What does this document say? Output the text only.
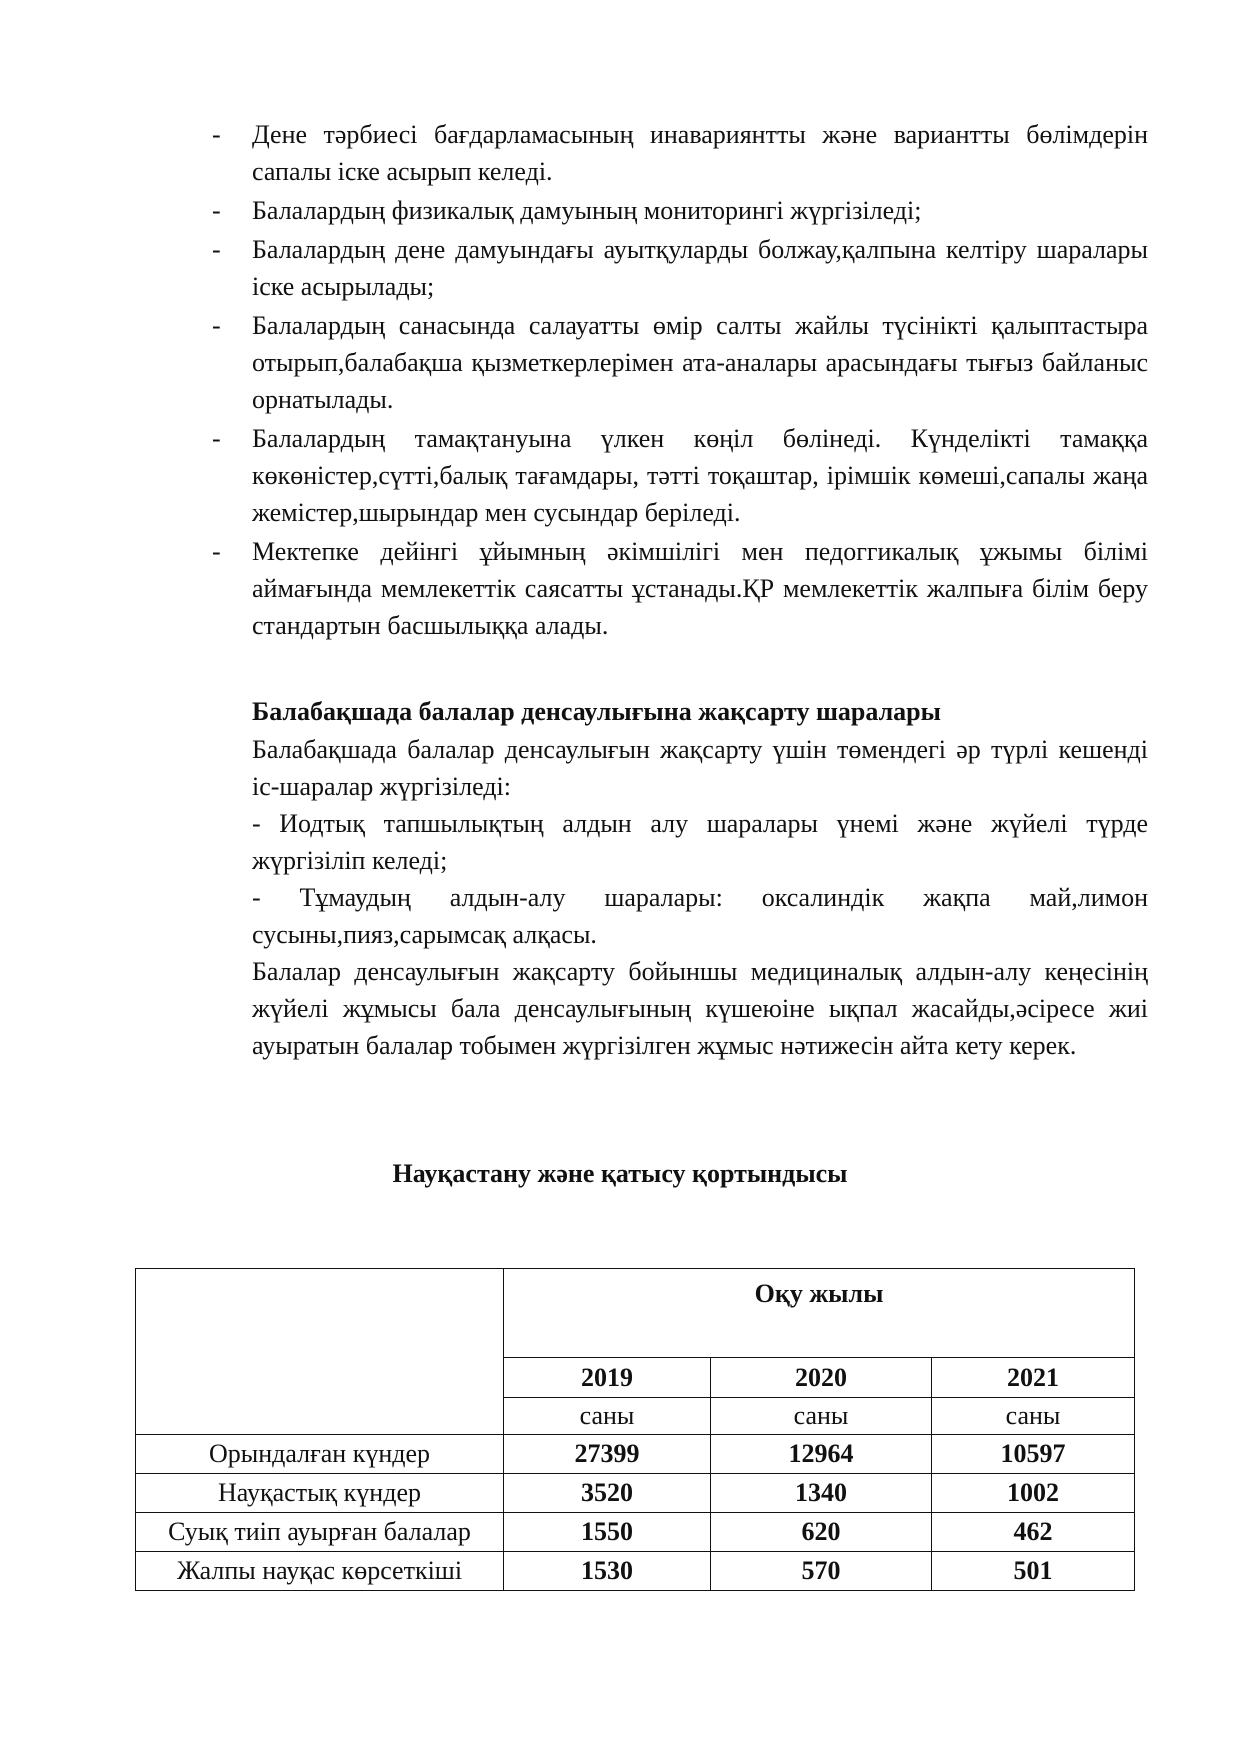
- Дене тәрбиесі бағдарламасының инавариянтты және вариантты бөлімдерін сапалы іске асырып келеді.
- Балалардың физикалық дамуының мониторингі жүргізіледі;
- Балалардың дене дамуындағы ауытқуларды болжау,қалпына келтіру шаралары іске асырылады;
- Балалардың санасында салауатты өмір салты жайлы түсінікті қалыптастыра отырып,балабақша қызметкерлерімен ата-аналары арасындағы тығыз байланыс орнатылады.
- Балалардың тамақтануына үлкен көңіл бөлінеді. Күнделікті тамаққа көкөністер,сүтті,балық тағамдары, тәтті тоқаштар, ірімшік көмеші,сапалы жаңа жемістер,шырындар мен сусындар беріледі.
- Мектепке дейінгі ұйымның әкімшілігі мен педоггикалық ұжымы білімі аймағында мемлекеттік саясатты ұстанады.ҚР мемлекеттік жалпыға білім беру стандартын басшылыққа алады.
Балабақшада балалар денсаулығына жақсарту шаралары

Балабақшада балалар денсаулығын жақсарту үшін төмендегі әр түрлі кешенді іс-шаралар жүргізіледі:

- Иодтық тапшылықтың алдын алу шаралары үнемі және жүйелі түрде жүргізіліп келеді;

- Тұмаудың алдын-алу шаралары: оксалиндік жақпа май,лимон сусыны,пияз,сарымсақ алқасы.

Балалар денсаулығын жақсарту бойыншы медициналық алдын-алу кеңесінің жүйелі жұмысы бала денсаулығының күшеюіне ықпал жасайды,әсіресе жиі ауыратын балалар тобымен жүргізілген жұмыс нәтижесін айта кету керек.

Науқастану және қатысу қортындысы
	Оқу жылы		
	2019	2020	2021
	саны	саны	саны
Орындалған күндер	27399	12964	10597
Науқастық күндер	3520	1340	1002
Суық тиіп ауырған балалар	1550	620	462
Жалпы науқас көрсеткіші	1530	570	501
